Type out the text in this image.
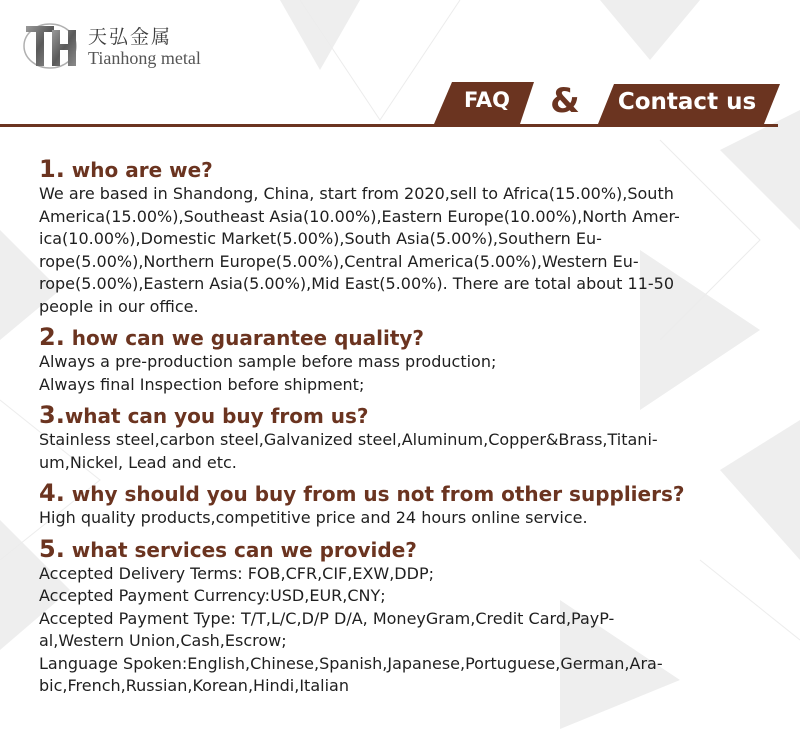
天弘金属
Tianhong metal
FAQ	& Contact us

1. who are we?

We are based in Shandong, China, start from 2020,sell to Africa(15.00%),South

America(15.00%),Southeast Asia(10.00%),Eastern Europe(10.00%),North Amer-

ica(10.00%),Domestic Market(5.00%),South Asia(5.00%),Southern Eu-

rope(5.00%),Northern Europe(5.00%),Central America(5.00%),Western Eu-

rope(5.00%),Eastern Asia(5.00%),Mid East(5.00%). There are total about 11-50

people in our office.

2. how can we guarantee quality?

Always a pre-production sample before mass production;

Always final Inspection before shipment;

3.what can you buy from us?

Stainless steel,carbon steel,Galvanized steel,Aluminum,Copper&Brass,Titani-

um,Nickel, Lead and etc.

4. why should you buy from us not from other suppliers?

High quality products,competitive price and 24 hours online service.

5. what services can we provide?

Accepted Delivery Terms: FOB,CFR,CIF,EXW,DDP;

Accepted Payment Currency:USD,EUR,CNY;

Accepted Payment Type: T/T,L/C,D/P D/A, MoneyGram,Credit Card,PayP-

al,Western Union,Cash,Escrow;

Language Spoken:English,Chinese,Spanish,Japanese,Portuguese,German,Ara-

bic,French,Russian,Korean,Hindi,Italian
